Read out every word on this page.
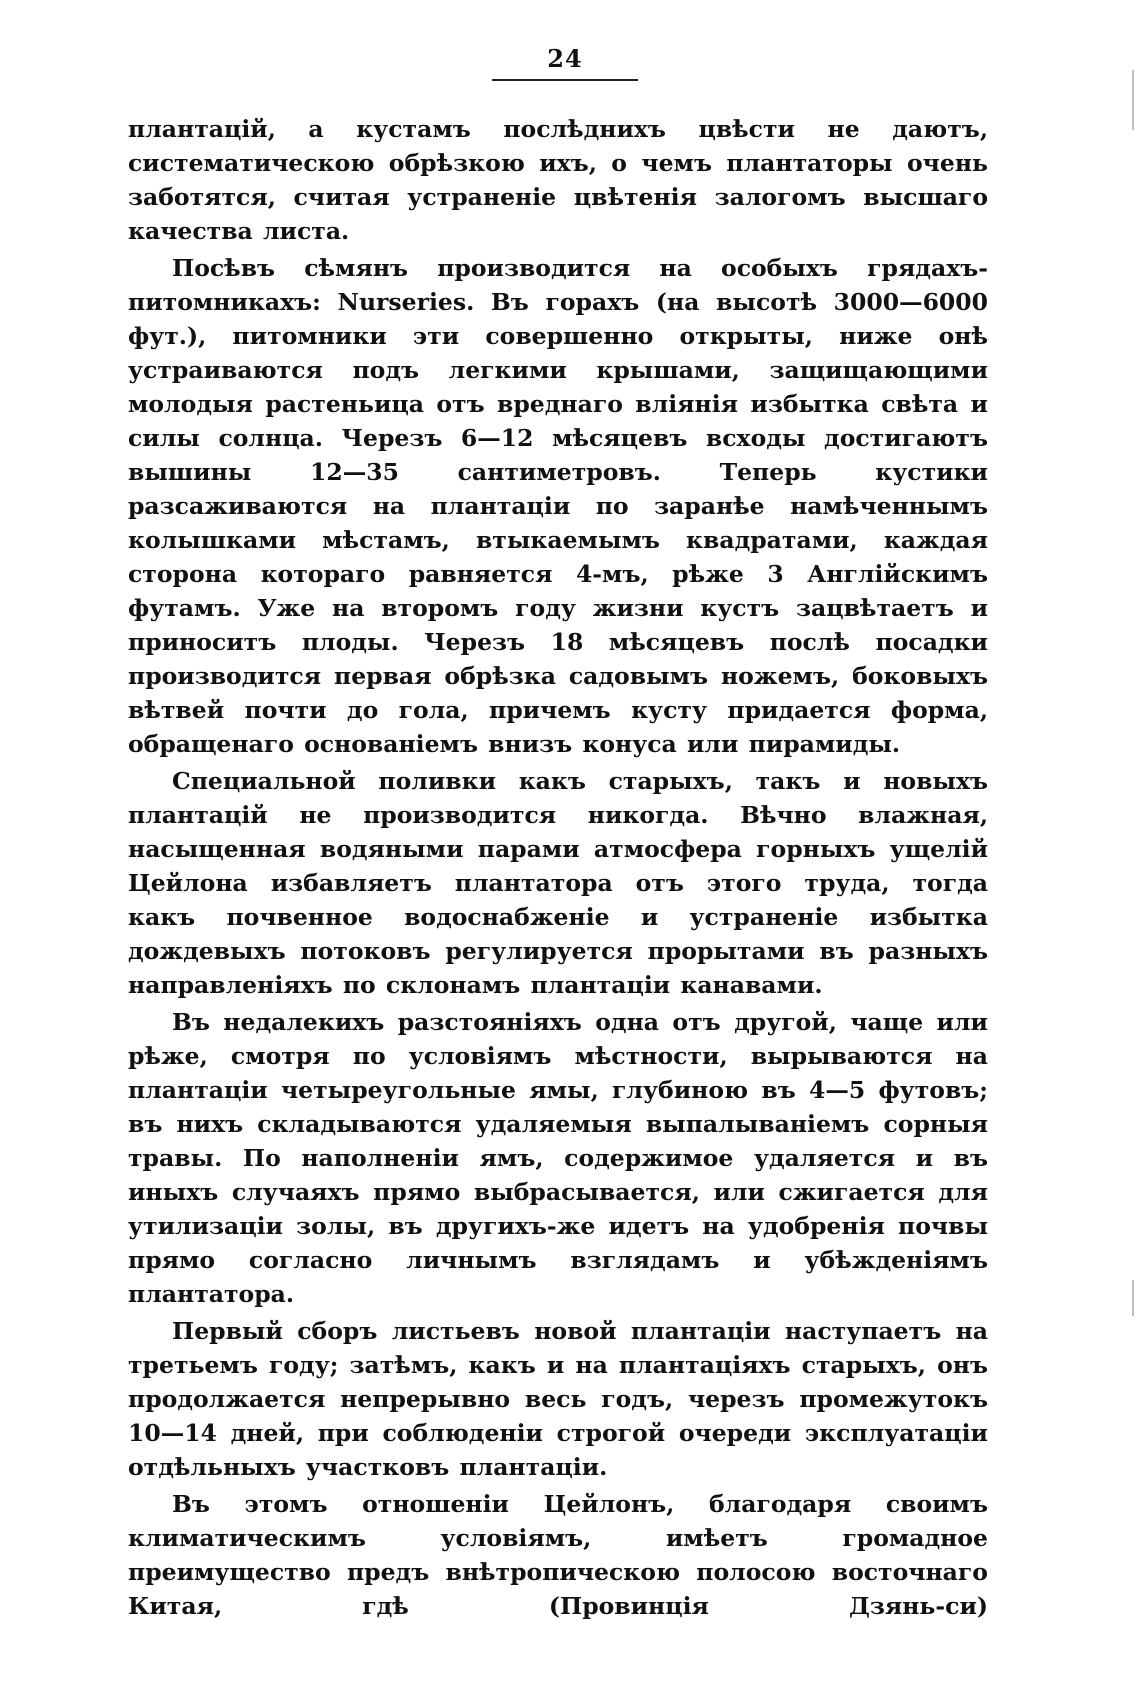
24

плантацій, а кустамъ послѣднихъ цвѣсти не даютъ, систематическою обрѣзкою ихъ, о чемъ плантаторы очень заботятся, считая устраненіе цвѣтенія залогомъ высшаго качества листа.

Посѣвъ сѣмянъ производится на особыхъ грядахъ-питомникахъ: Nurseries. Въ горахъ (на высотѣ 3000—6000 фут.), питомники эти совершенно открыты, ниже онѣ устраиваются подъ легкими крышами, защищающими молодыя растеньица отъ вреднаго вліянія избытка свѣта и силы солнца. Черезъ 6—12 мѣсяцевъ всходы достигаютъ вышины 12—35 сантиметровъ. Теперь кустики разсаживаются на плантаціи по заранѣе намѣченнымъ колышками мѣстамъ, втыкаемымъ квадратами, каждая сторона котораго равняется 4-мъ, рѣже 3 Англійскимъ футамъ. Уже на второмъ году жизни кустъ зацвѣтаетъ и приноситъ плоды. Черезъ 18 мѣсяцевъ послѣ посадки производится первая обрѣзка садовымъ ножемъ, боковыхъ вѣтвей почти до гола, причемъ кусту придается форма, обращенаго основаніемъ внизъ конуса или пирамиды.

Специальной поливки какъ старыхъ, такъ и новыхъ плантацій не производится никогда. Вѣчно влажная, насыщенная водяными парами атмосфера горныхъ ущелій Цейлона избавляетъ плантатора отъ этого труда, тогда какъ почвенное водоснабженіе и устраненіе избытка дождевыхъ потоковъ регулируется прорытами въ разныхъ направленіяхъ по склонамъ плантаціи канавами.

Въ недалекихъ разстояніяхъ одна отъ другой, чаще или рѣже, смотря по условіямъ мѣстности, вырываются на плантаціи четыреугольные ямы, глубиною въ 4—5 футовъ; въ нихъ складываются удаляемыя выпалываніемъ сорныя травы. По наполненіи ямъ, содержимое удаляется и въ иныхъ случаяхъ прямо выбрасывается, или сжигается для утилизаціи золы, въ другихъ-же идетъ на удобренія почвы прямо согласно личнымъ взглядамъ и убѣжденіямъ плантатора.

Первый сборъ листьевъ новой плантаціи наступаетъ на третьемъ году; затѣмъ, какъ и на плантаціяхъ старыхъ, онъ продолжается непрерывно весь годъ, черезъ промежутокъ 10—14 дней, при соблюденіи строгой очереди эксплуатаціи отдѣльныхъ участковъ плантаціи.

Въ этомъ отношеніи Цейлонъ, благодаря своимъ климатическимъ условіямъ, имѣетъ громадное преимущество предъ внѣтропическою полосою восточнаго Китая, гдѣ (Провинція Дзянь-си)
